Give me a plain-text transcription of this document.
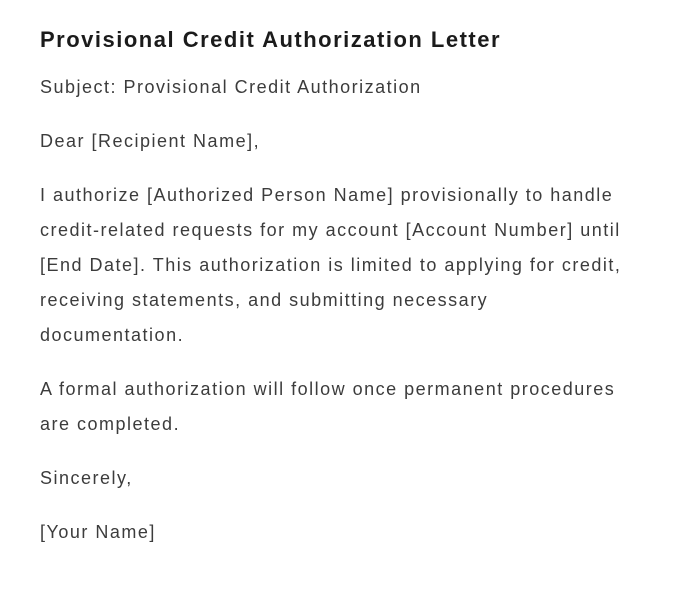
Provisional Credit Authorization Letter

Subject: Provisional Credit Authorization

Dear [Recipient Name],

I authorize [Authorized Person Name] provisionally to handle
credit-related requests for my account [Account Number] until
[End Date]. This authorization is limited to applying for credit,
receiving statements, and submitting necessary
documentation.

A formal authorization will follow once permanent procedures
are completed.

Sincerely,

[Your Name]
